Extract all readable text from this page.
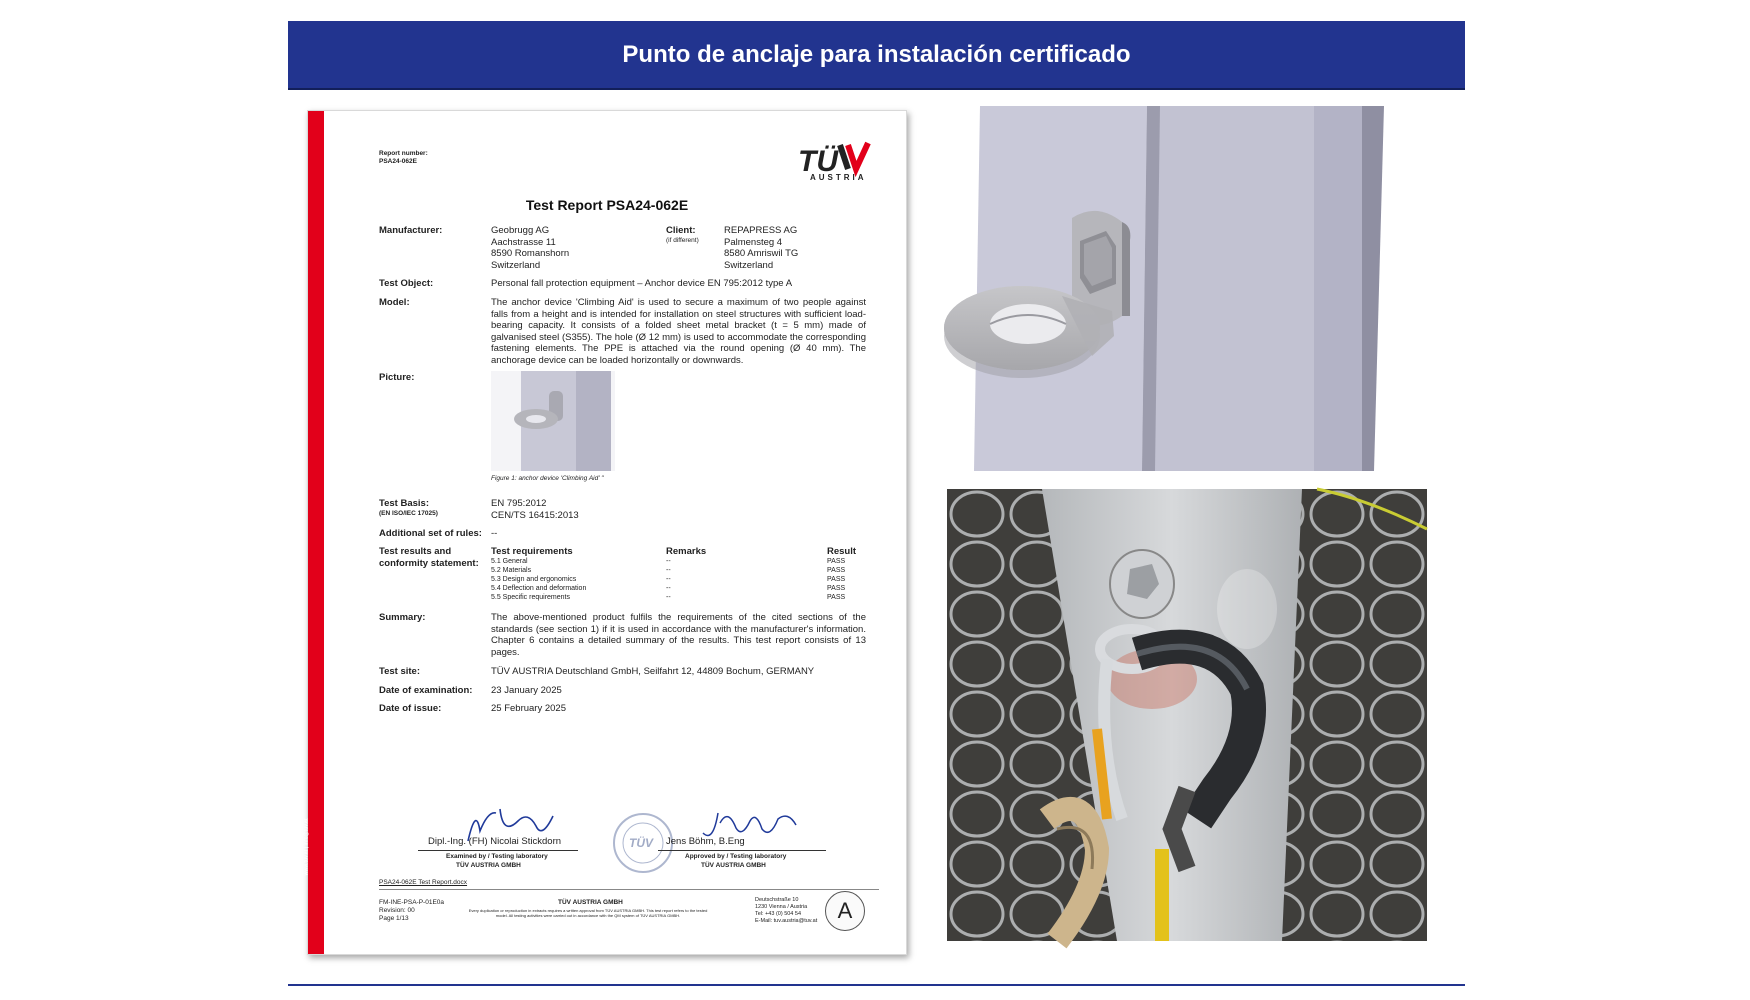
Punto de anclaje para instalación certificado
www.tuv.at | info@tuv.at
Report number:
PSA24-062E	TÜ
AUSTRIA
Test Report PSA24-062E
Manufacturer:	Geobrugg AG
Aachstrasse 11
8590 Romanshorn
Switzerland
Client:
(if different)
REPAPRESS AG
Palmensteg 4
8580 Amriswil TG
Switzerland
Test Object:	Personal fall protection equipment – Anchor device EN 795:2012 type A
Model:	The anchor device 'Climbing Aid' is used to secure a maximum of two people against falls from a height and is intended for installation on steel structures with sufficient load-bearing capacity. It consists of a folded sheet metal bracket (t = 5 mm) made of galvanised steel (S355). The hole (Ø 12 mm) is used to accommodate the corresponding fastening elements. The PPE is attached via the round opening (Ø 40 mm). The anchorage device can be loaded horizontally or downwards.
Picture:
Figure 1: anchor device 'Climbing Aid' "
Test Basis:
(EN ISO/IEC 17025)
EN 795:2012
CEN/TS 16415:2013
Additional set of rules: --
Test results and conformity statement:
Test requirements	Remarks	Result
5.1 General	--	PASS
5.2 Materials	--	PASS
5.3 Design and ergonomics	--	PASS
5.4 Deflection and deformation	--	PASS
5.5 Specific requirements	--	PASS
Summary:	The above-mentioned product fulfils the requirements of the cited sections of the standards (see section 1) if it is used in accordance with the manufacturer's information. Chapter 6 contains a detailed summary of the results. This test report consists of 13 pages.
Test site:	TÜV AUSTRIA Deutschland GmbH, Seilfahrt 12, 44809 Bochum, GERMANY
Date of examination: 23 January 2025
Date of issue:	25 February 2025
Dipl.-Ing. (FH) Nicolai Stickdorn
Examined by / Testing laboratory
TÜV AUSTRIA GMBH
TÜV Jens Böhm, B.Eng
Approved by / Testing laboratory
TÜV AUSTRIA GMBH
PSA24-062E Test Report.docx
FM-INE-PSA-P-01E0a
Revision: 00
Page 1/13
TÜV AUSTRIA GMBH
Every duplication or reproduction in extracts requires a written approval from TÜV AUSTRIA GMBH. This test report refers to the tested model. All testing activities were carried out in accordance with the QM system of TÜV AUSTRIA GMBH.
Deutschstraße 10
1230 Vienna / Austria
Tel: +43 (0) 504 54
E-Mail: tuv.austria@tuv.at A
